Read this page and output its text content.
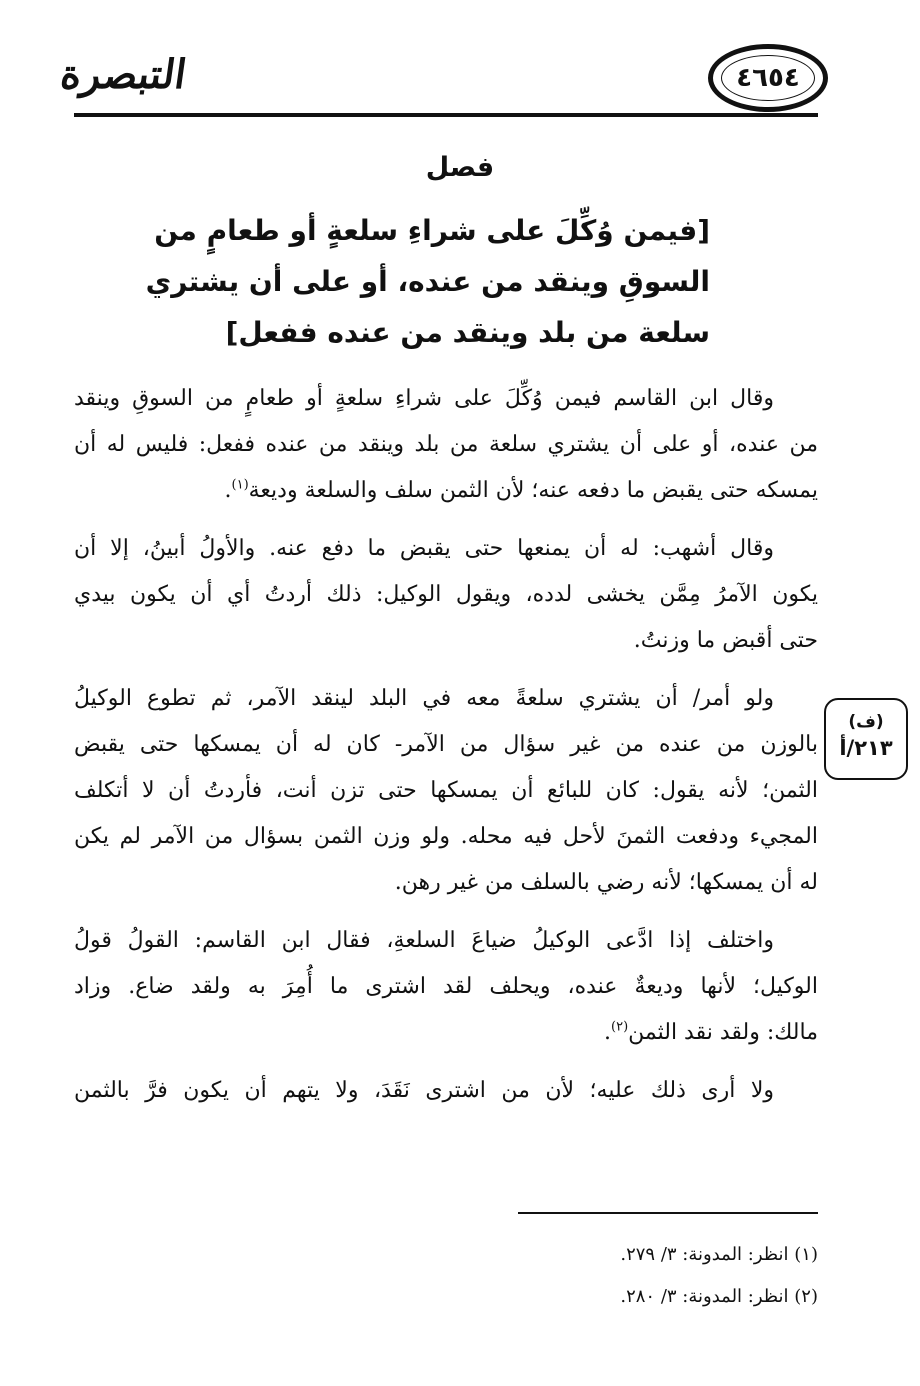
التبصرة	٤٦٥٤
فصل
[فيمن وُكِّلَ على شراءِ سلعةٍ أو طعامٍ من
السوقِ وينقد من عنده، أو على أن يشتري
سلعة من بلد وينقد من عنده ففعل]
وقال ابن القاسم فيمن وُكِّلَ على شراءِ سلعةٍ أو طعامٍ من السوقِ وينقد
من عنده، أو على أن يشتري سلعة من بلد وينقد من عنده ففعل: فليس له أن
يمسكه حتى يقبض ما دفعه عنه؛ لأن الثمن سلف والسلعة وديعة$^{(١)}$.
وقال أشهب: له أن يمنعها حتى يقبض ما دفع عنه. والأولُ أبينُ، إلا أن
يكون الآمرُ مِمَّن يخشى لدده، ويقول الوكيل: ذلك أردتُ أي أن يكون بيدي
حتى أقبض ما وزنتُ.
ولو أمر/ أن يشتري سلعةً معه في البلد لينقد الآمر، ثم تطوع الوكيلُ
بالوزن من عنده من غير سؤال من الآمر- كان له أن يمسكها حتى يقبض
الثمن؛ لأنه يقول: كان للبائع أن يمسكها حتى تزن أنت، فأردتُ أن لا أتكلف
المجيء ودفعت الثمنَ لأحل فيه محله. ولو وزن الثمن بسؤال من الآمر لم يكن
له أن يمسكها؛ لأنه رضي بالسلف من غير رهن.
واختلف إذا ادَّعى الوكيلُ ضياعَ السلعةِ، فقال ابن القاسم: القولُ قولُ
الوكيل؛ لأنها وديعةٌ عنده، ويحلف لقد اشترى ما أُمِرَ به ولقد ضاع. وزاد
مالك: ولقد نقد الثمن$^{(٢)}$.
ولا أرى ذلك عليه؛ لأن من اشترى نَقَدَ، ولا يتهم أن يكون فرَّ بالثمن
(ف)
٢١٣/أ
(١) انظر: المدونة: ٣/ ٢٧٩.
(٢) انظر: المدونة: ٣/ ٢٨٠.
